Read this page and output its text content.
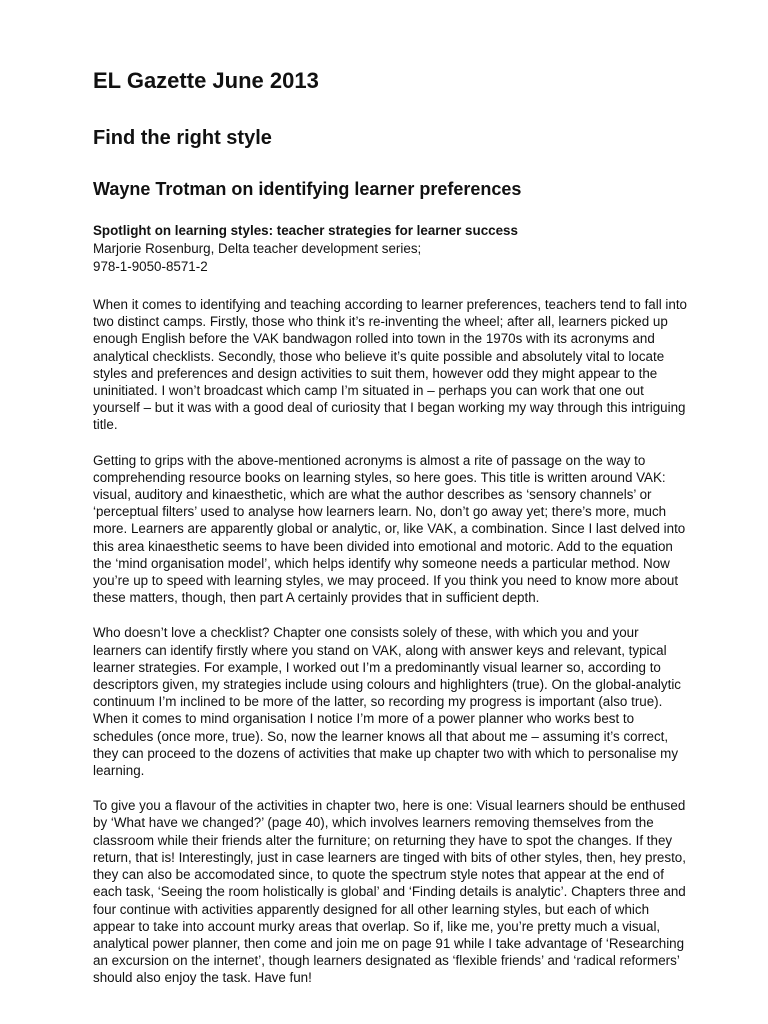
EL Gazette June 2013
Find the right style
Wayne Trotman on identifying learner preferences
Spotlight on learning styles: teacher strategies for learner success
Marjorie Rosenburg, Delta teacher development series;
978-1-9050-8571-2

When it comes to identifying and teaching according to learner preferences, teachers tend to fall into two distinct camps. Firstly, those who think it’s re-inventing the wheel; after all, learners picked up enough English before the VAK bandwagon rolled into town in the 1970s with its acronyms and analytical checklists. Secondly, those who believe it’s quite possible and absolutely vital to locate styles and preferences and design activities to suit them, however odd they might appear to the uninitiated. I won’t broadcast which camp I’m situated in – perhaps you can work that one out yourself – but it was with a good deal of curiosity that I began working my way through this intriguing title.

Getting to grips with the above-mentioned acronyms is almost a rite of passage on the way to comprehending resource books on learning styles, so here goes. This title is written around VAK: visual, auditory and kinaesthetic, which are what the author describes as ‘sensory channels’ or ‘perceptual filters’ used to analyse how learners learn. No, don’t go away yet; there’s more, much more. Learners are apparently global or analytic, or, like VAK, a combination. Since I last delved into this area kinaesthetic seems to have been divided into emotional and motoric. Add to the equation the ‘mind organisation model’, which helps identify why someone needs a particular method. Now you’re up to speed with learning styles, we may proceed. If you think you need to know more about these matters, though, then part A certainly provides that in sufficient depth.

Who doesn’t love a checklist? Chapter one consists solely of these, with which you and your learners can identify firstly where you stand on VAK, along with answer keys and relevant, typical learner strategies. For example, I worked out I’m a predominantly visual learner so, according to descriptors given, my strategies include using colours and highlighters (true). On the global-analytic continuum I’m inclined to be more of the latter, so recording my progress is important (also true). When it comes to mind organisation I notice I’m more of a power planner who works best to schedules (once more, true). So, now the learner knows all that about me – assuming it’s correct, they can proceed to the dozens of activities that make up chapter two with which to personalise my learning.

To give you a flavour of the activities in chapter two, here is one: Visual learners should be enthused by ‘What have we changed?’ (page 40), which involves learners removing themselves from the classroom while their friends alter the furniture; on returning they have to spot the changes. If they return, that is! Interestingly, just in case learners are tinged with bits of other styles, then, hey presto, they can also be accomodated since, to quote the spectrum style notes that appear at the end of each task, ‘Seeing the room holistically is global’ and ‘Finding details is analytic’. Chapters three and four continue with activities apparently designed for all other learning styles, but each of which appear to take into account murky areas that overlap. So if, like me, you’re pretty much a visual, analytical power planner, then come and join me on page 91 while I take advantage of ‘Researching an excursion on the internet’, though learners designated as ‘flexible friends’ and ‘radical reformers’ should also enjoy the task. Have fun!
